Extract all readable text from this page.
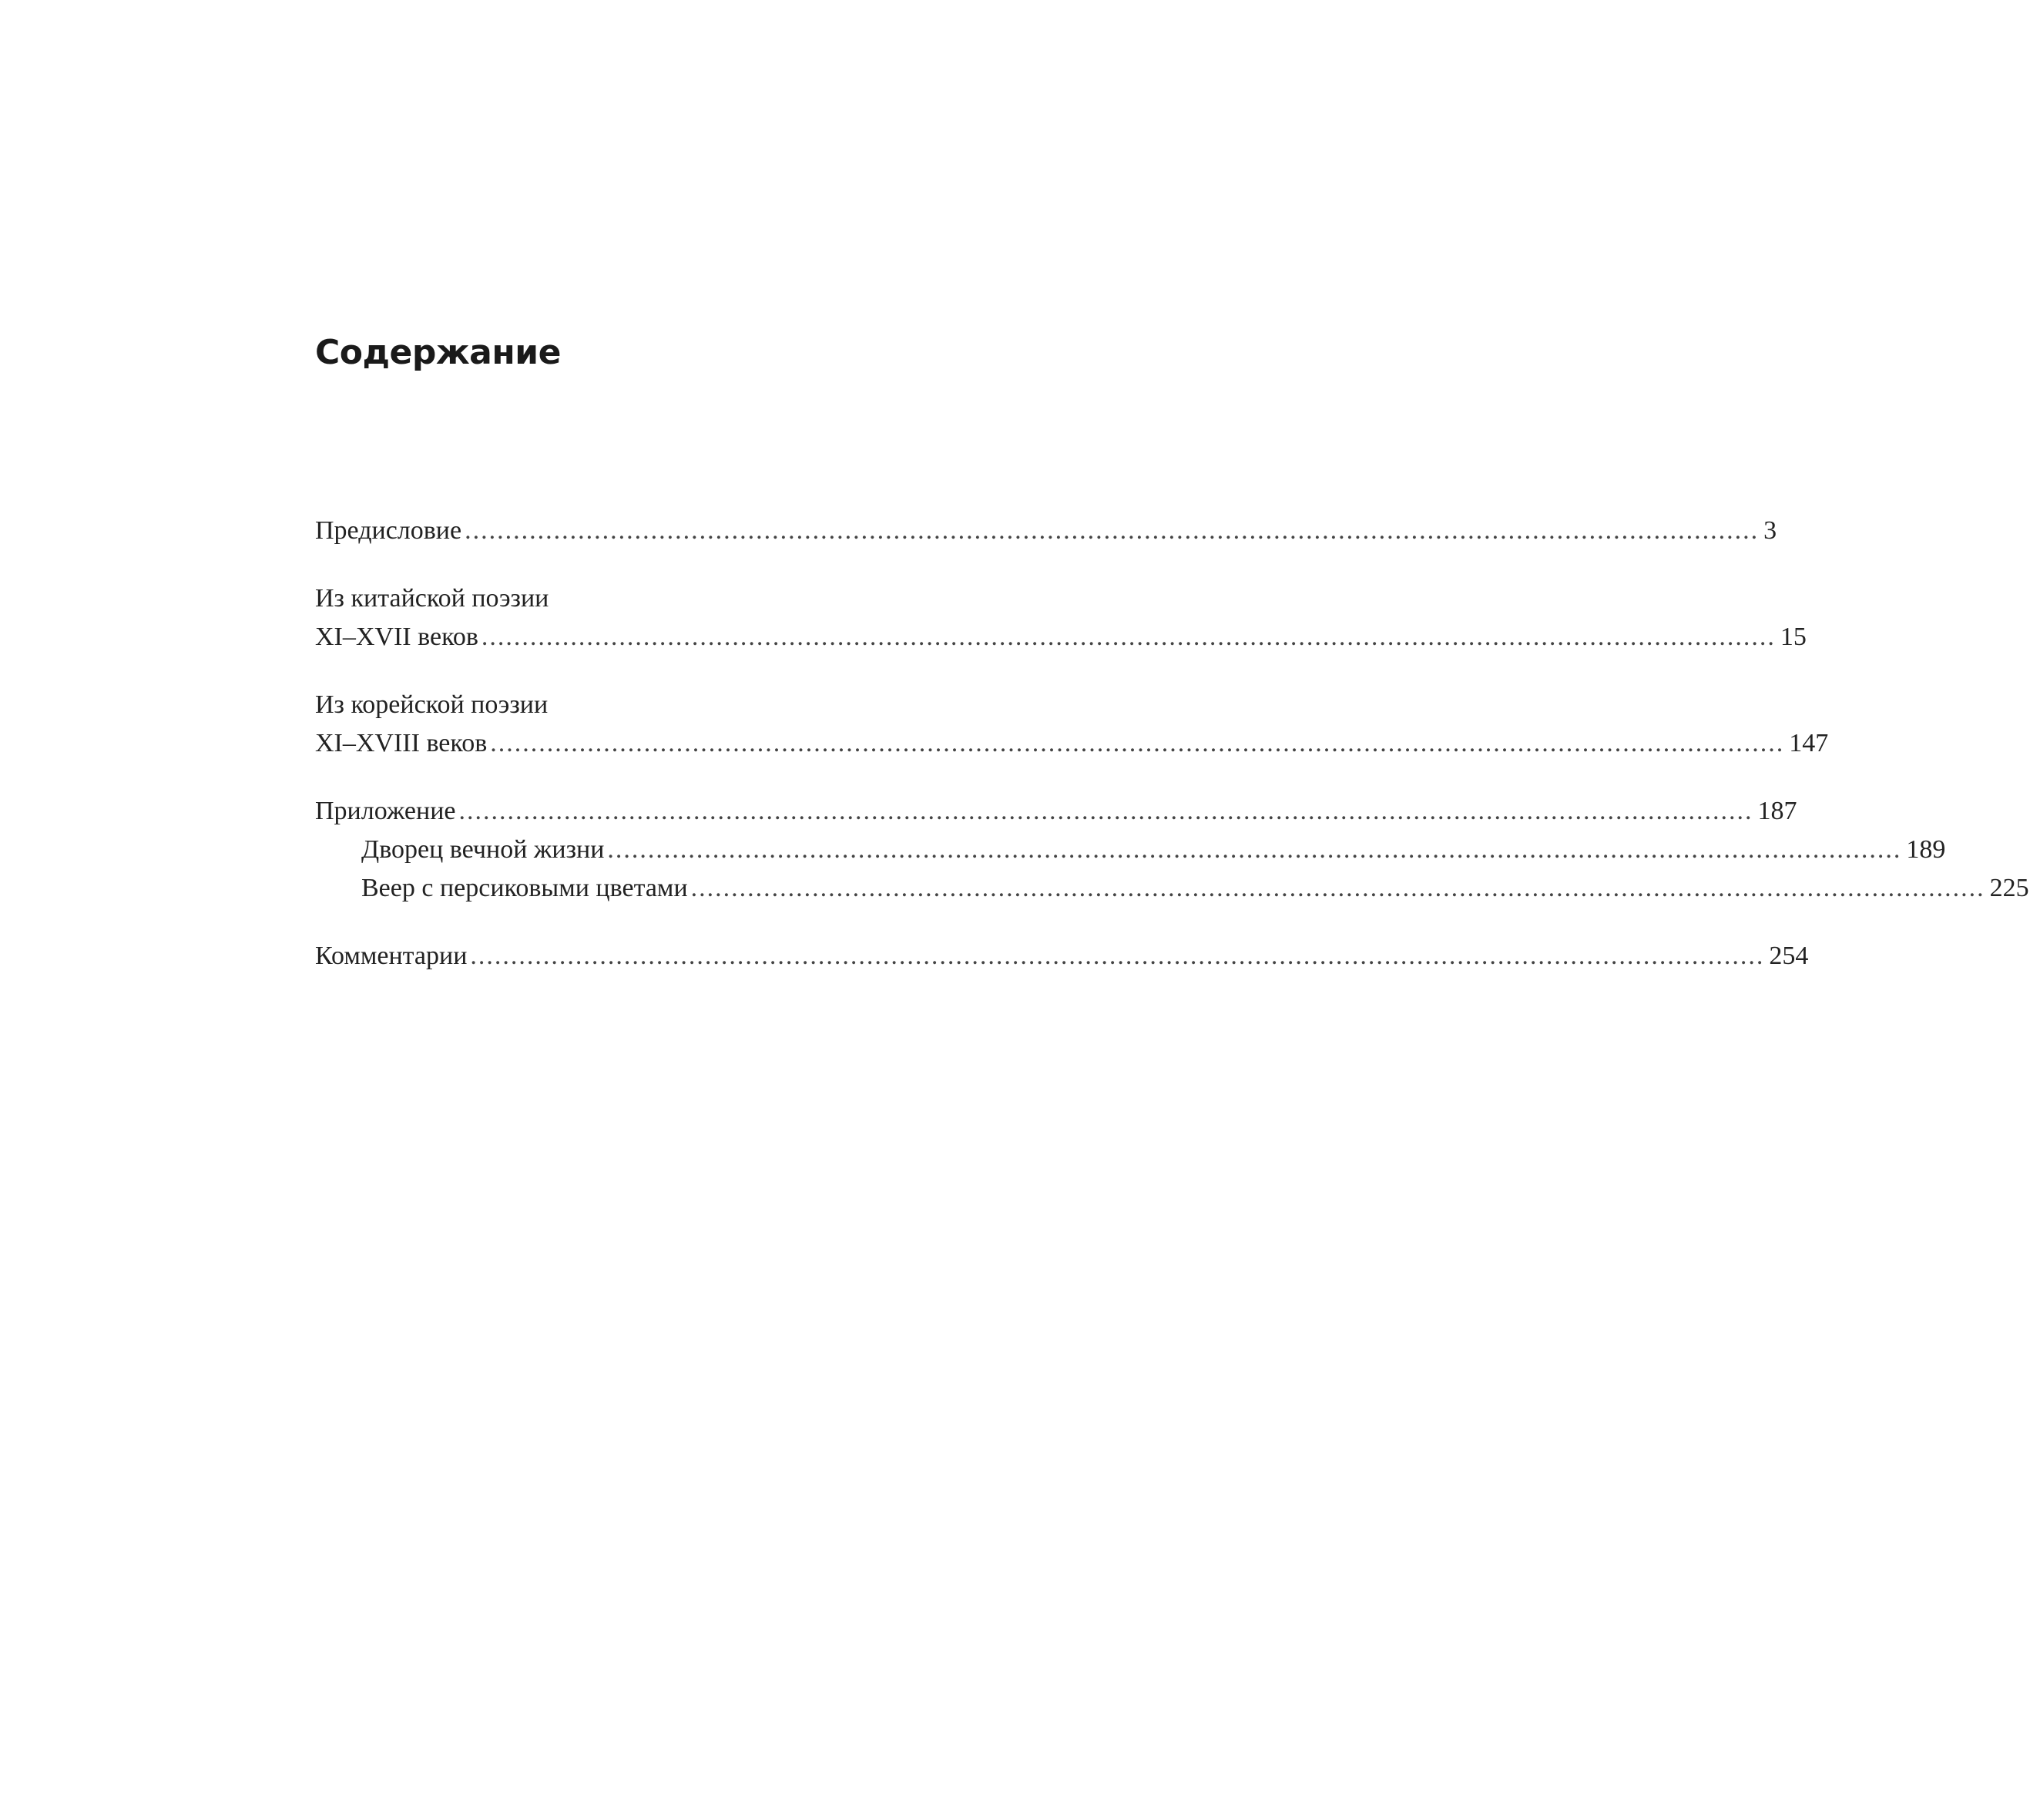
Содержание
Предисловие ................................................................................................................................................................ 3
Из китайской поэзии
XI–XVII веков ................................................................................................................................................................ 15
Из корейской поэзии
XI–XVIII веков ................................................................................................................................................................ 147
Приложение ................................................................................................................................................................ 187
Дворец вечной жизни ................................................................................................................................................................ 189
Веер с персиковыми цветами ................................................................................................................................................................ 225
Комментарии ................................................................................................................................................................ 254
